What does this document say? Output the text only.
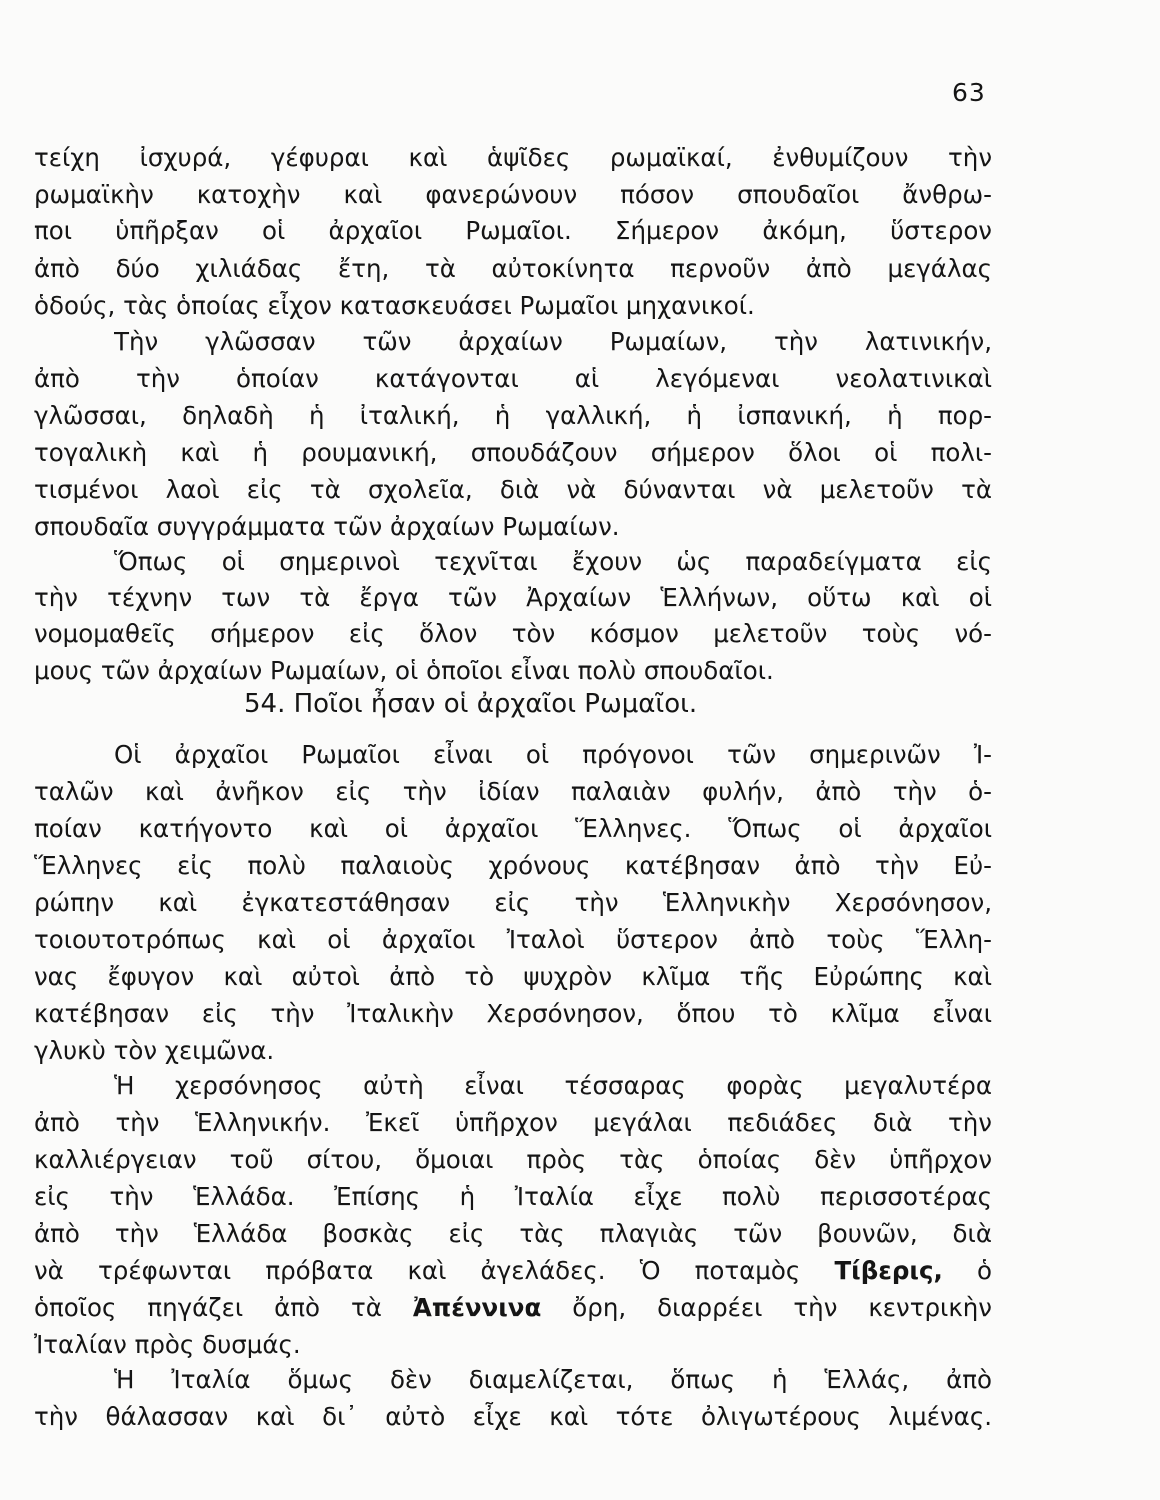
63
τείχη ἰσχυρά, γέφυραι καὶ ἁψῖδες ρωμαϊκαί, ἐνθυμίζουν τὴν
ρωμαϊκὴν κατοχὴν καὶ φανερώνουν πόσον σπουδαῖοι ἄνθρω-
ποι ὑπῆρξαν οἱ ἀρχαῖοι Ρωμαῖοι. Σήμερον ἀκόμη, ὕστερον
ἀπὸ δύο χιλιάδας ἔτη, τὰ αὐτοκίνητα περνοῦν ἀπὸ μεγάλας
ὁδούς, τὰς ὁποίας εἶχον κατασκευάσει Ρωμαῖοι μηχανικοί.
Τὴν γλῶσσαν τῶν ἀρχαίων Ρωμαίων, τὴν λατινικήν,
ἀπὸ τὴν ὁποίαν κατάγονται αἱ λεγόμεναι νεολατινικαὶ
γλῶσσαι, δηλαδὴ ἡ ἰταλική, ἡ γαλλική, ἡ ἰσπανική, ἡ πορ-
τογαλικὴ καὶ ἡ ρουμανική, σπουδάζουν σήμερον ὅλοι οἱ πολι-
τισμένοι λαοὶ εἰς τὰ σχολεῖα, διὰ νὰ δύνανται νὰ μελετοῦν τὰ
σπουδαῖα συγγράμματα τῶν ἀρχαίων Ρωμαίων.
Ὅπως οἱ σημερινοὶ τεχνῖται ἔχουν ὡς παραδείγματα εἰς
τὴν τέχνην των τὰ ἔργα τῶν Ἀρχαίων Ἑλλήνων, οὕτω καὶ οἱ
νομομαθεῖς σήμερον εἰς ὅλον τὸν κόσμον μελετοῦν τοὺς νό-
μους τῶν ἀρχαίων Ρωμαίων, οἱ ὁποῖοι εἶναι πολὺ σπουδαῖοι.
54. Ποῖοι ἦσαν οἱ ἀρχαῖοι Ρωμαῖοι.
Οἱ ἀρχαῖοι Ρωμαῖοι εἶναι οἱ πρόγονοι τῶν σημερινῶν Ἰ-
ταλῶν καὶ ἀνῆκον εἰς τὴν ἰδίαν παλαιὰν φυλήν, ἀπὸ τὴν ὁ-
ποίαν κατήγοντο καὶ οἱ ἀρχαῖοι Ἕλληνες. Ὅπως οἱ ἀρχαῖοι
Ἕλληνες εἰς πολὺ παλαιοὺς χρόνους κατέβησαν ἀπὸ τὴν Εὐ-
ρώπην καὶ ἐγκατεστάθησαν εἰς τὴν Ἑλληνικὴν Χερσόνησον,
τοιουτοτρόπως καὶ οἱ ἀρχαῖοι Ἰταλοὶ ὕστερον ἀπὸ τοὺς Ἕλλη-
νας ἔφυγον καὶ αὐτοὶ ἀπὸ τὸ ψυχρὸν κλῖμα τῆς Εὐρώπης καὶ
κατέβησαν εἰς τὴν Ἰταλικὴν Χερσόνησον, ὅπου τὸ κλῖμα εἶναι
γλυκὺ τὸν χειμῶνα.
Ἡ χερσόνησος αὐτὴ εἶναι τέσσαρας φορὰς μεγαλυτέρα
ἀπὸ τὴν Ἑλληνικήν. Ἐκεῖ ὑπῆρχον μεγάλαι πεδιάδες διὰ τὴν
καλλιέργειαν τοῦ σίτου, ὅμοιαι πρὸς τὰς ὁποίας δὲν ὑπῆρχον
εἰς τὴν Ἑλλάδα. Ἐπίσης ἡ Ἰταλία εἶχε πολὺ περισσοτέρας
ἀπὸ τὴν Ἑλλάδα βοσκὰς εἰς τὰς πλαγιὰς τῶν βουνῶν, διὰ
νὰ τρέφωνται πρόβατα καὶ ἀγελάδες. Ὁ ποταμὸς Τίβερις, ὁ
ὁποῖος πηγάζει ἀπὸ τὰ Ἀπέννινα ὄρη, διαρρέει τὴν κεντρικὴν
Ἰταλίαν πρὸς δυσμάς.
Ἡ Ἰταλία ὅμως δὲν διαμελίζεται, ὅπως ἡ Ἑλλάς, ἀπὸ
τὴν θάλασσαν καὶ δι᾿ αὐτὸ εἶχε καὶ τότε ὀλιγωτέρους λιμένας.
